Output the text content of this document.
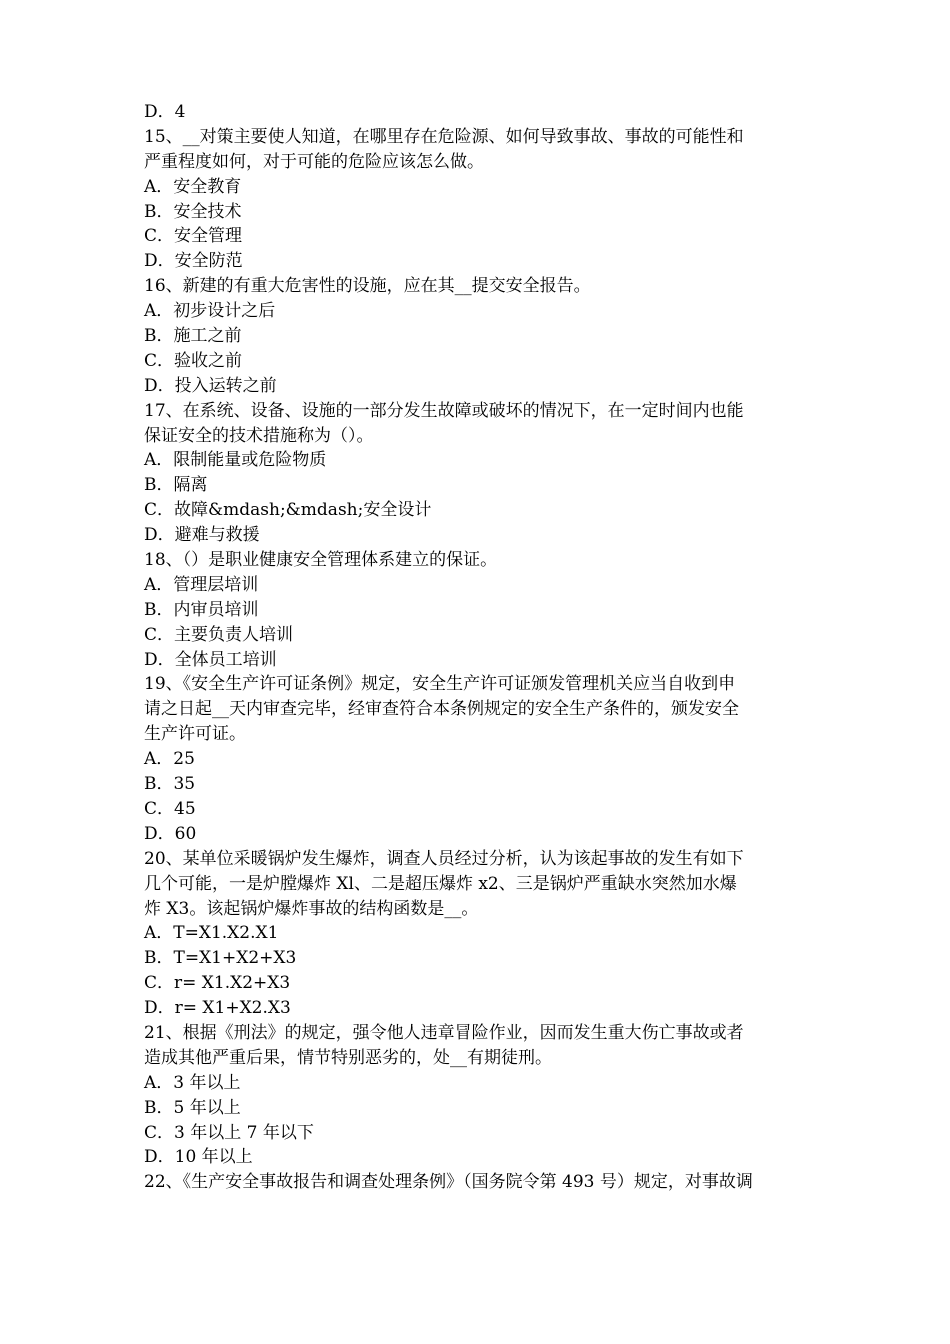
D．4
15、__对策主要使人知道，在哪里存在危险源、如何导致事故、事故的可能性和
严重程度如何，对于可能的危险应该怎么做。
A．安全教育
B．安全技术
C．安全管理
D．安全防范
16、新建的有重大危害性的设施，应在其__提交安全报告。
A．初步设计之后
B．施工之前
C．验收之前
D．投入运转之前
17、在系统、设备、设施的一部分发生故障或破坏的情况下，在一定时间内也能
保证安全的技术措施称为（）。
A．限制能量或危险物质
B．隔离
C．故障&mdash;&mdash;安全设计
D．避难与救援
18、（）是职业健康安全管理体系建立的保证。
A．管理层培训
B．内审员培训
C．主要负责人培训
D．全体员工培训
19、《安全生产许可证条例》规定，安全生产许可证颁发管理机关应当自收到申
请之日起__天内审查完毕，经审查符合本条例规定的安全生产条件的，颁发安全
生产许可证。
A．25
B．35
C．45
D．60
20、某单位采暖锅炉发生爆炸，调查人员经过分析，认为该起事故的发生有如下
几个可能，一是炉膛爆炸 Xl、二是超压爆炸 x2、三是锅炉严重缺水突然加水爆
炸 X3。该起锅炉爆炸事故的结构函数是__。
A．T=X1.X2.X1
B．T=X1+X2+X3
C．r= X1.X2+X3
D．r= X1+X2.X3
21、根据《刑法》的规定，强令他人违章冒险作业，因而发生重大伤亡事故或者
造成其他严重后果，情节特别恶劣的，处__有期徒刑。
A．3 年以上
B．5 年以上
C．3 年以上 7 年以下
D．10 年以上
22、《生产安全事故报告和调查处理条例》（国务院令第 493 号）规定，对事故调
